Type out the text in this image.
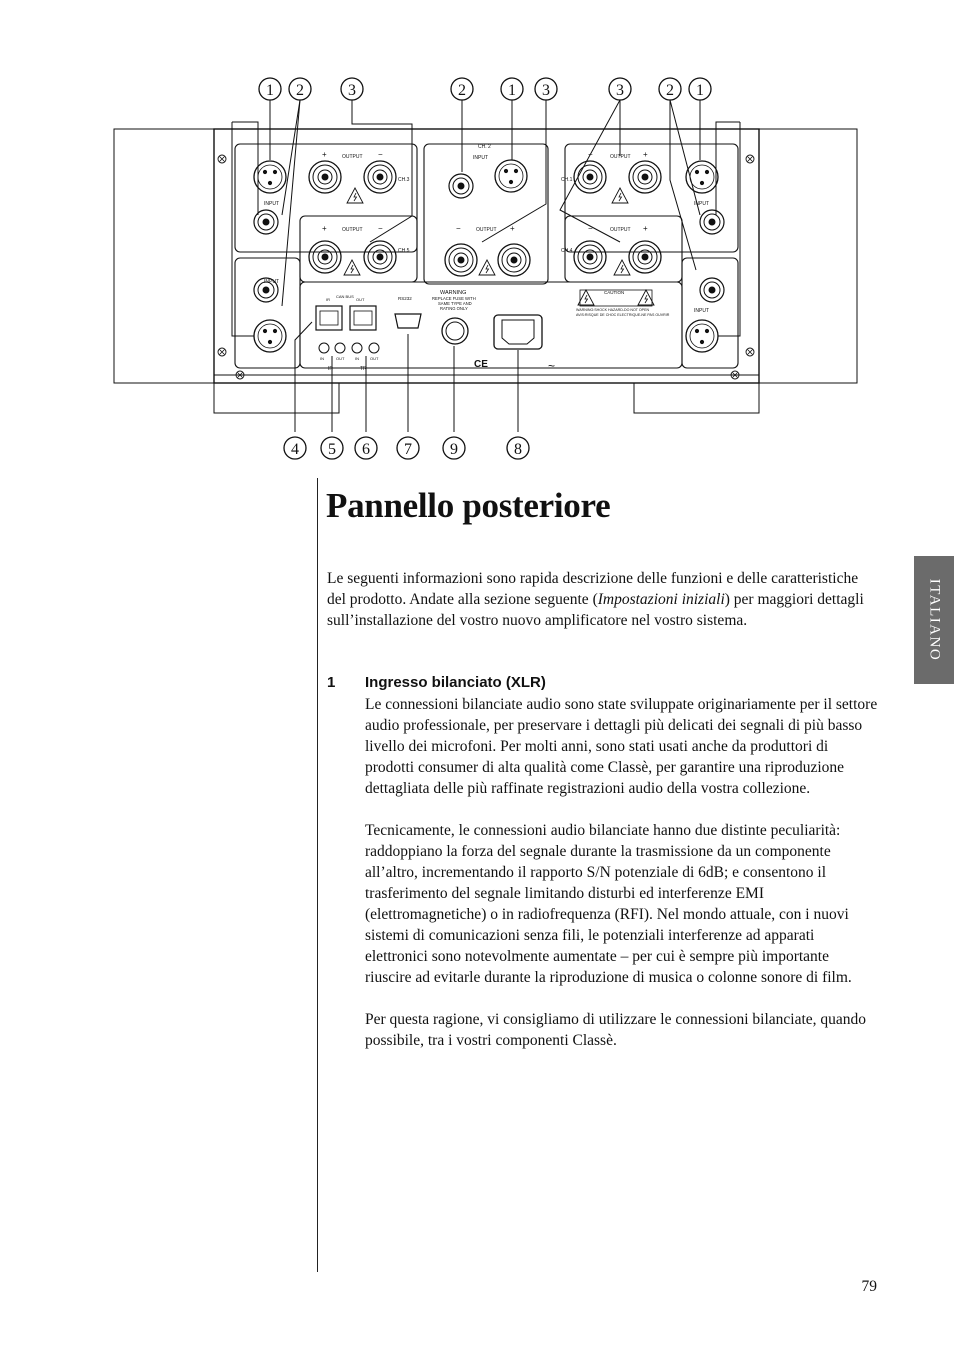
INPUT
OUTPUT
+	−
CH.3
OUTPUT
+	−
CH.5
INPUT
CH. 2
INPUT
OUTPUT
−	+
OUTPUT
−	+
CH.1
INPUT
OUTPUT
−	+
CH.4
INPUT
IR
CAN BUS
OUT	RS232
IN	OUT	IN	OUT
IR	TR
WARNING
REPLACE FUSE WITH
SAME TYPE AND
RATING ONLY
CAUTION
WARNING:SHOCK HAZARD-DO NOT OPEN
AVIS:RISQUE DE CHOC ELECTRIQUE-NE PAS OUVRIR
CE	~
1 2	3	2	1 3	3	2 1
4 5 6 7 9	8
Pannello posteriore

Le seguenti informazioni sono rapida descrizione delle funzioni e delle caratteristiche del prodotto. Andate alla sezione seguente (Impostazioni iniziali) per maggiori dettagli sull’installazione del vostro nuovo amplificatore nel vostro sistema.

1 Ingresso bilanciato (XLR)

Le connessioni bilanciate audio sono state sviluppate originariamente per il settore audio professionale, per preservare i dettagli più delicati dei segnali di più basso livello dei microfoni. Per molti anni, sono stati usati anche da produttori di prodotti consumer di alta qualità come Classè, per garantire una riproduzione dettagliata delle più raffinate registrazioni audio della vostra collezione.

Tecnicamente, le connessioni audio bilanciate hanno due distinte peculiarità: raddoppiano la forza del segnale durante la trasmissione da un componente all’altro, incrementando il rapporto S/N potenziale di 6dB; e consentono il trasferimento del segnale limitando disturbi ed interferenze EMI (elettromagnetiche) o in radiofrequenza (RFI). Nel mondo attuale, con i nuovi sistemi di comunicazioni senza fili, le potenziali interferenze ad apparati elettronici sono notevolmente aumentate – per cui è sempre più importante riuscire ad evitarle durante la riproduzione di musica o colonne sonore di film.

Per questa ragione, vi consigliamo di utilizzare le connessioni bilanciate, quando possibile, tra i vostri componenti Classè.

ITALIANO
79
